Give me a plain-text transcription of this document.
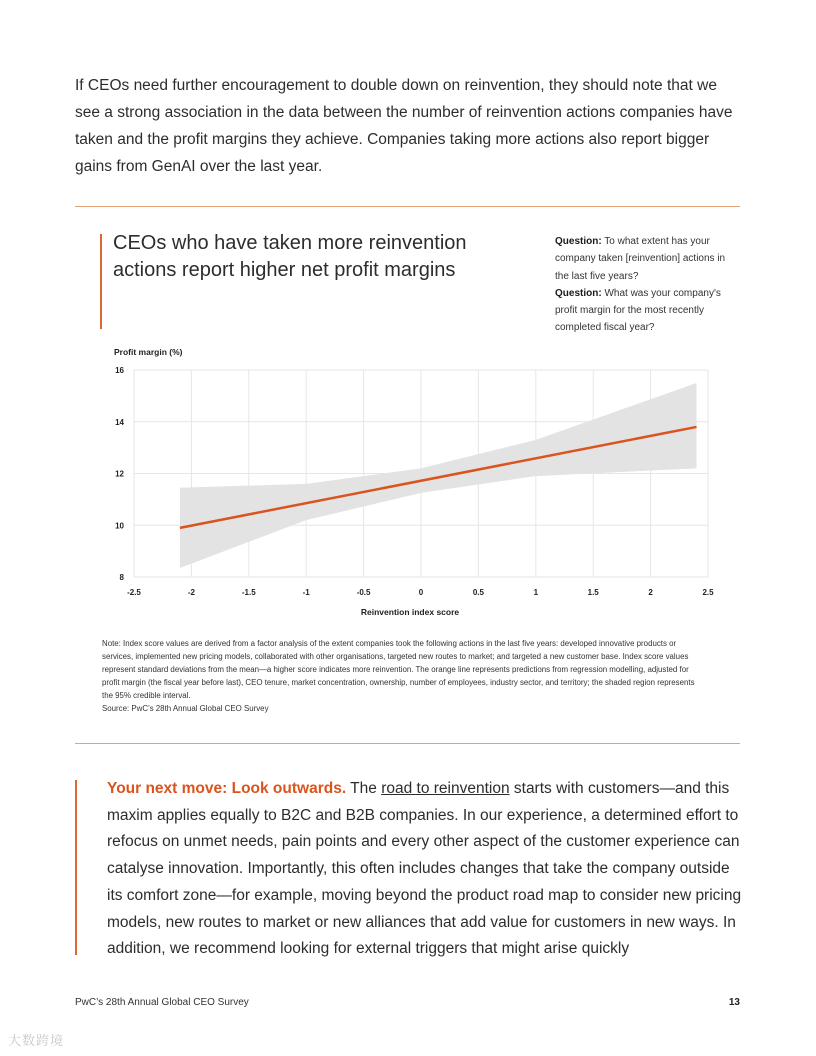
If CEOs need further encouragement to double down on reinvention, they should note that we see a strong association in the data between the number of reinvention actions companies have taken and the profit margins they achieve. Companies taking more actions also report bigger gains from GenAI over the last year.

CEOs who have taken more reinvention actions report higher net profit margins

Question: To what extent has your company taken [reinvention] actions in the last five years?

Question: What was your company's profit margin for the most recently completed fiscal year?

Profit margin (%)
-2.5	-2	-1.5	-1	-0.5	0	0.5	1	1.5	2	2.5
16
14
12
10
8
Reinvention index score

Note: Index score values are derived from a factor analysis of the extent companies took the following actions in the last five years: developed innovative products or services, implemented new pricing models, collaborated with other organisations, targeted new routes to market; and targeted a new customer base. Index score values represent standard deviations from the mean—a higher score indicates more reinvention. The orange line represents predictions from regression modelling, adjusted for profit margin (the fiscal year before last), CEO tenure, market concentration, ownership, number of employees, industry sector, and territory; the shaded region represents the 95% credible interval.

Source: PwC’s 28th Annual Global CEO Survey

Your next move: Look outwards. The road to reinvention starts with customers—and this maxim applies equally to B2C and B2B companies. In our experience, a determined effort to refocus on unmet needs, pain points and every other aspect of the customer experience can catalyse innovation. Importantly, this often includes changes that take the company outside its comfort zone—for example, moving beyond the product road map to consider new pricing models, new routes to market or new alliances that add value for customers in new ways. In addition, we recommend looking for external triggers that might arise quickly

PwC’s 28th Annual Global CEO Survey	13
大数跨境
